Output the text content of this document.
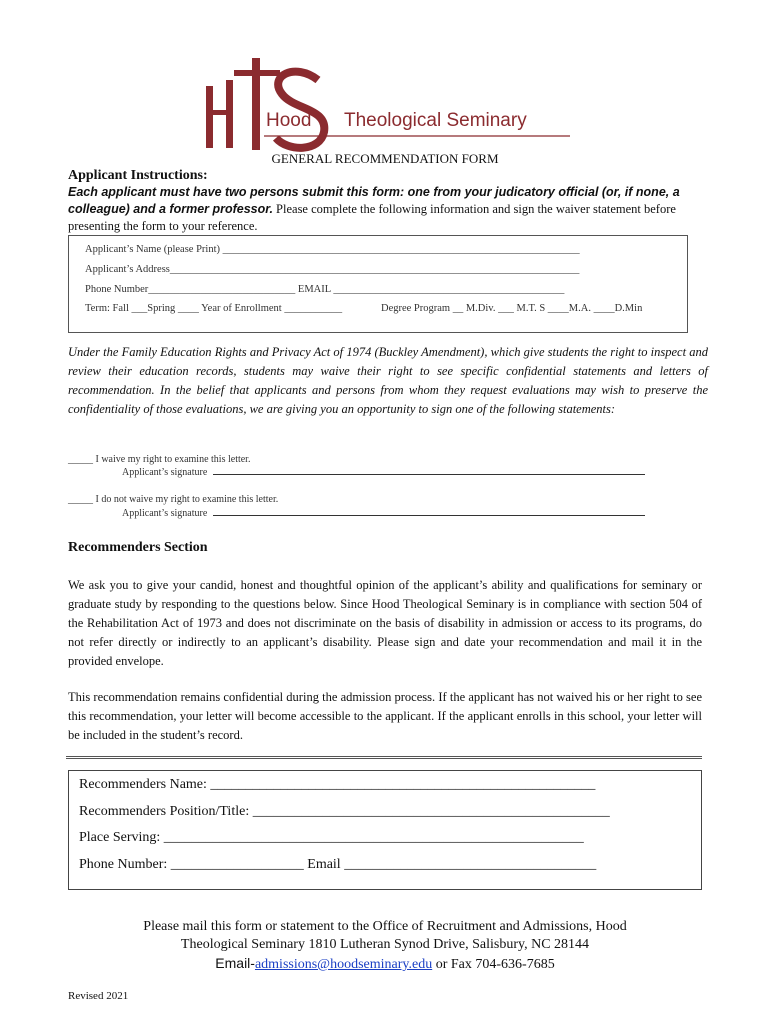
Hood Theological Seminary
GENERAL RECOMMENDATION FORM
Applicant Instructions:
Each applicant must have two persons submit this form: one from your judicatory official (or, if none, a colleague) and a former professor. Please complete the following information and sign the waiver statement before presenting the form to your reference.
Applicant’s Name (please Print) ____________________________________________________________________
Applicant’s Address______________________________________________________________________________
Phone Number____________________________ EMAIL ____________________________________________
Term: Fall ___Spring ____ Year of Enrollment ___________	Degree Program __ M.Div. ___ M.T. S ____M.A. ____D.Min
Under the Family Education Rights and Privacy Act of 1974 (Buckley Amendment), which give students the right to inspect and review their education records, students may waive their right to see specific confidential statements and letters of recommendation. In the belief that applicants and persons from whom they request evaluations may wish to preserve the confidentiality of those evaluations, we are giving you an opportunity to sign one of the following statements:
_____ I waive my right to examine this letter.
Applicant’s signature
_____ I do not waive my right to examine this letter.
Applicant’s signature
Recommenders Section
We ask you to give your candid, honest and thoughtful opinion of the applicant’s ability and qualifications for seminary or graduate study by responding to the questions below. Since Hood Theological Seminary is in compliance with section 504 of the Rehabilitation Act of 1973 and does not discriminate on the basis of disability in admission or access to its programs, do not refer directly or indirectly to an applicant’s disability. Please sign and date your recommendation and mail it in the provided envelope.
This recommendation remains confidential during the admission process. If the applicant has not waived his or her right to see this recommendation, your letter will become accessible to the applicant. If the applicant enrolls in this school, your letter will be included in the student’s record.
Recommenders Name: _______________________________________________________
Recommenders Position/Title: ___________________________________________________
Place Serving: ____________________________________________________________
Phone Number: ___________________ Email ____________________________________
Please mail this form or statement to the Office of Recruitment and Admissions, Hood
Theological Seminary 1810 Lutheran Synod Drive, Salisbury, NC 28144
Email-admissions@hoodseminary.edu or Fax 704-636-7685
Revised 2021
